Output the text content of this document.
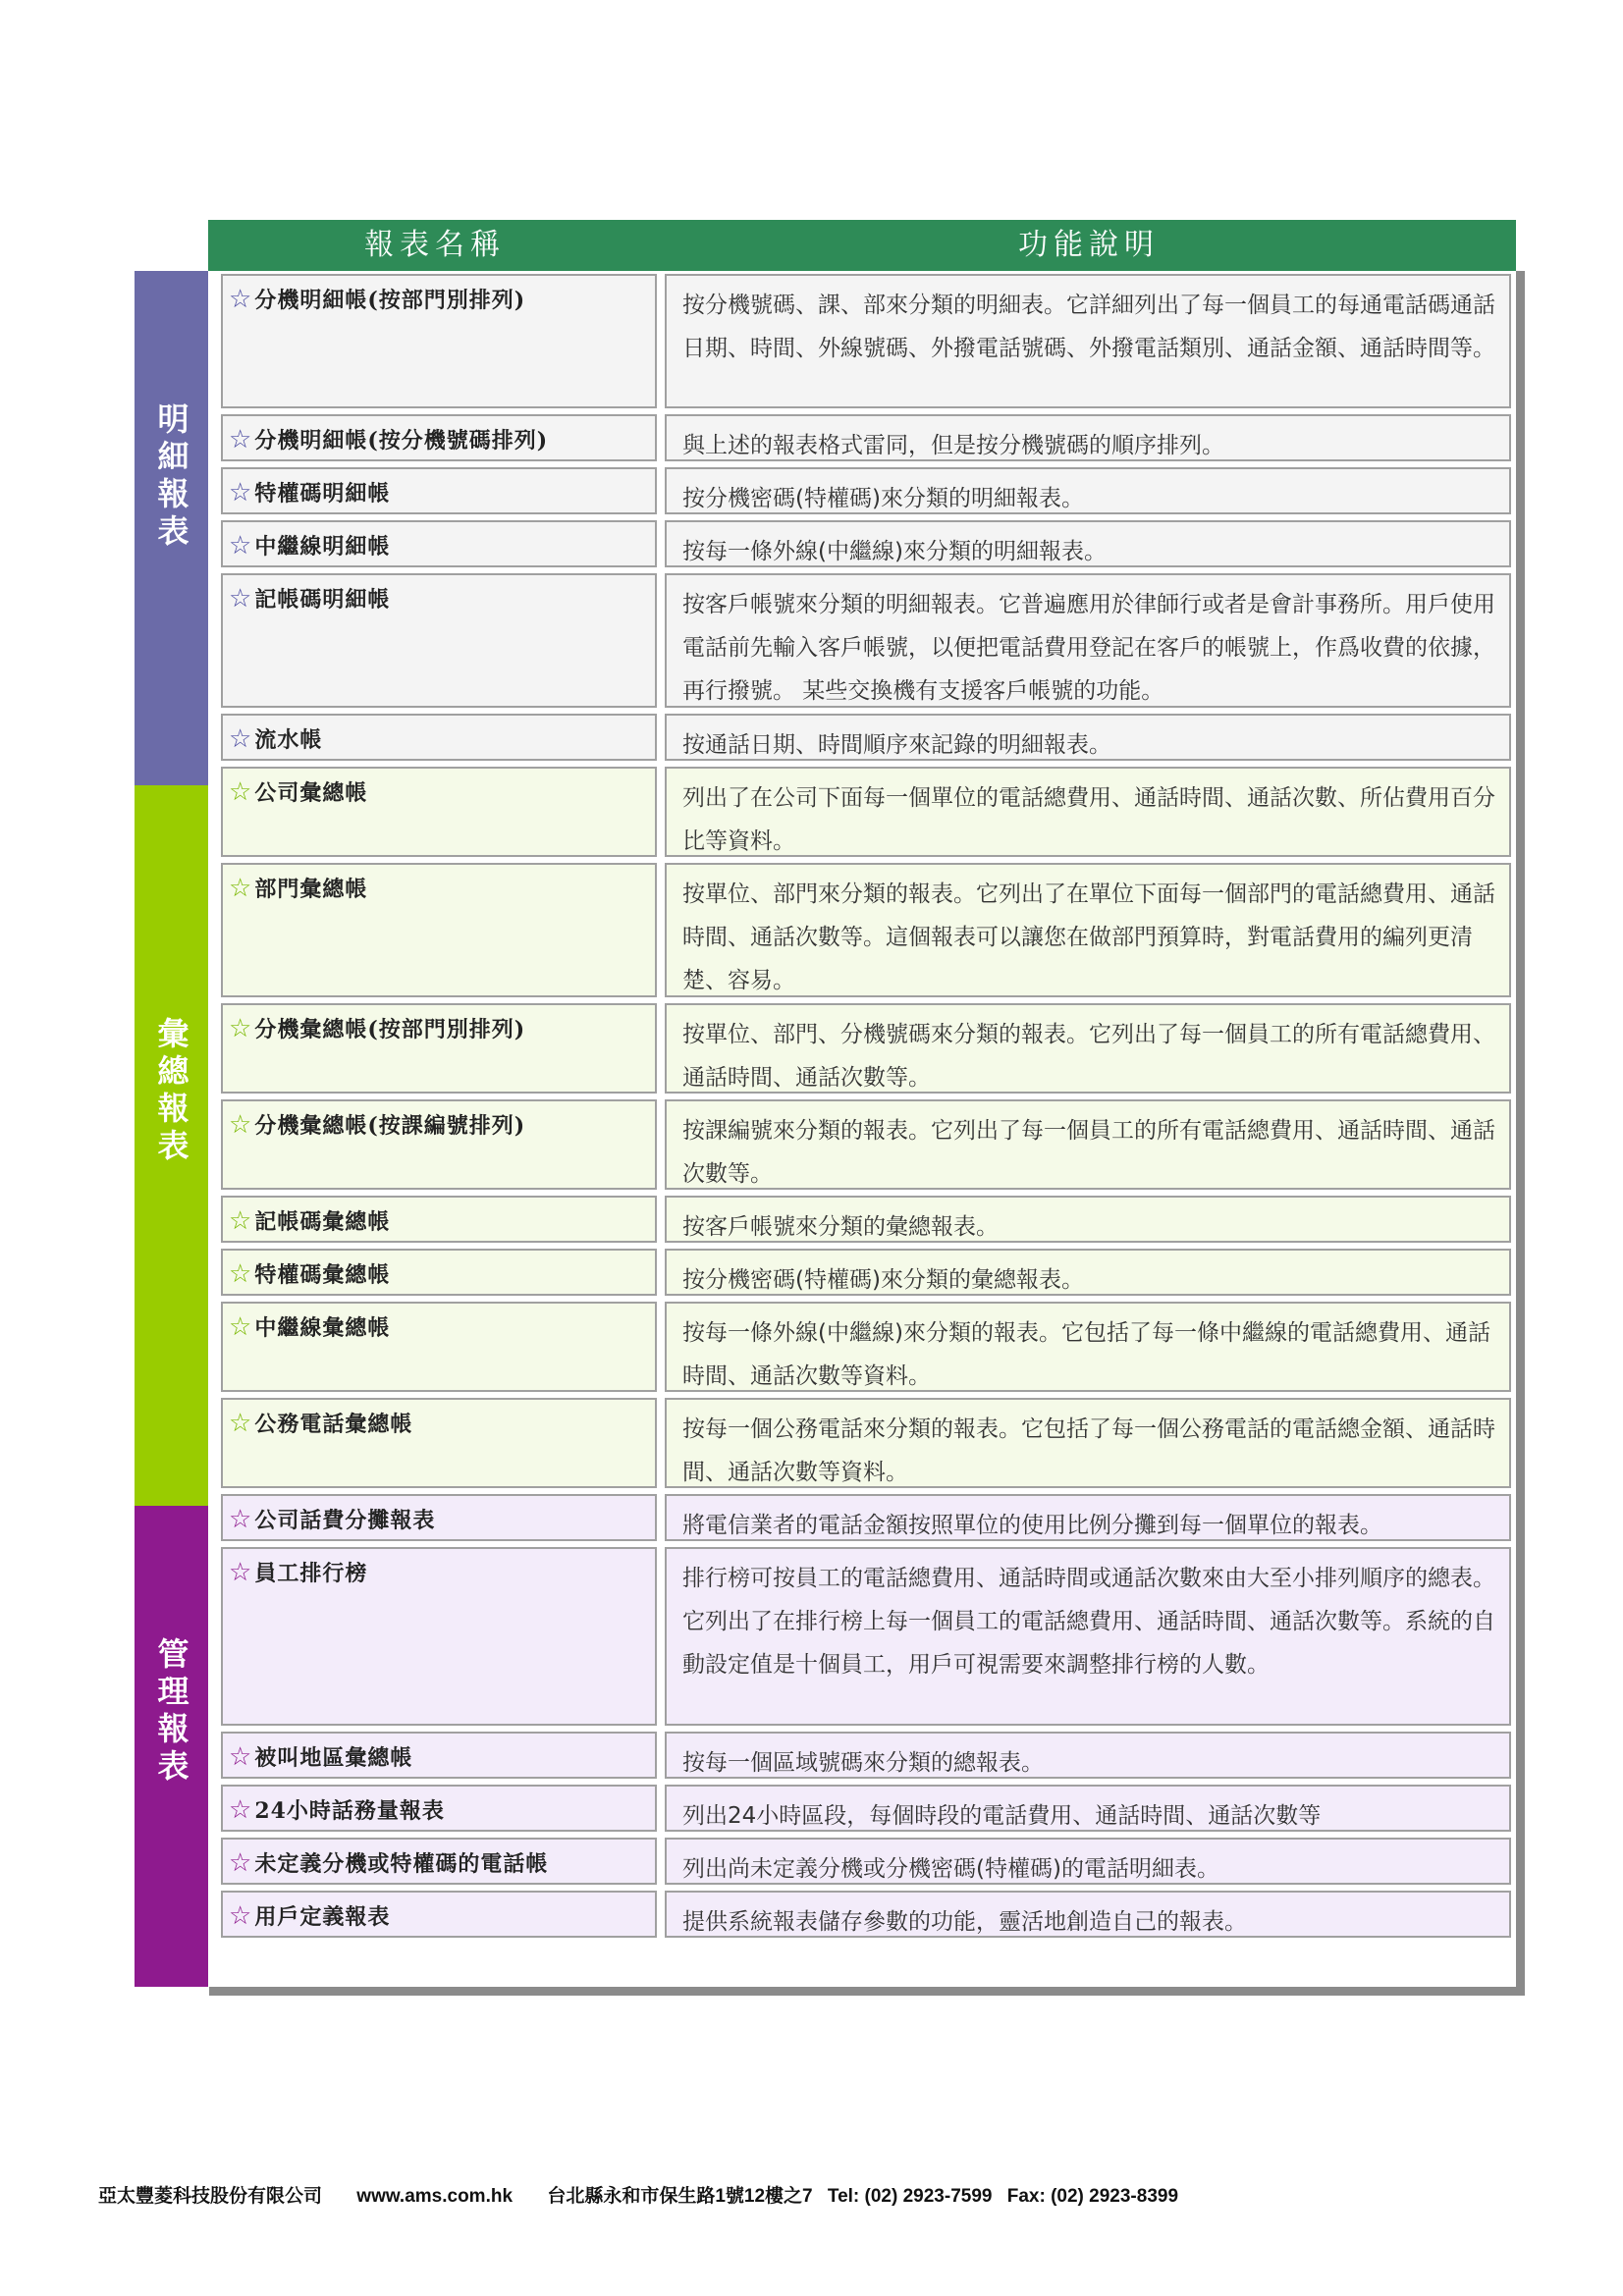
報表名稱	功能說明
明細報表
彙總報表
管理報表
☆分機明細帳(按部門別排列)	按分機號碼、課、部來分類的明細表。它詳細列出了每一個員工的每通電話碼通話日期、時間、外線號碼、外撥電話號碼、外撥電話類別、通話金額、通話時間等。
☆分機明細帳(按分機號碼排列)	與上述的報表格式雷同，但是按分機號碼的順序排列。
☆特權碼明細帳	按分機密碼(特權碼)來分類的明細報表。
☆中繼線明細帳	按每一條外線(中繼線)來分類的明細報表。
☆記帳碼明細帳	按客戶帳號來分類的明細報表。它普遍應用於律師行或者是會計事務所。用戶使用電話前先輸入客戶帳號，以便把電話費用登記在客戶的帳號上，作爲收費的依據，再行撥號。 某些交換機有支援客戶帳號的功能。
☆流水帳	按通話日期、時間順序來記錄的明細報表。
☆公司彙總帳	列出了在公司下面每一個單位的電話總費用、通話時間、通話次數、所佔費用百分比等資料。
☆部門彙總帳	按單位、部門來分類的報表。它列出了在單位下面每一個部門的電話總費用、通話時間、通話次數等。這個報表可以讓您在做部門預算時，對電話費用的編列更清楚、容易。
☆分機彙總帳(按部門別排列)	按單位、部門、分機號碼來分類的報表。它列出了每一個員工的所有電話總費用、通話時間、通話次數等。
☆分機彙總帳(按課編號排列)	按課編號來分類的報表。它列出了每一個員工的所有電話總費用、通話時間、通話次數等。
☆記帳碼彙總帳	按客戶帳號來分類的彙總報表。
☆特權碼彙總帳	按分機密碼(特權碼)來分類的彙總報表。
☆中繼線彙總帳	按每一條外線(中繼線)來分類的報表。它包括了每一條中繼線的電話總費用、通話時間、通話次數等資料。
☆公務電話彙總帳	按每一個公務電話來分類的報表。它包括了每一個公務電話的電話總金額、通話時間、通話次數等資料。
☆公司話費分攤報表	將電信業者的電話金額按照單位的使用比例分攤到每一個單位的報表。
☆員工排行榜	排行榜可按員工的電話總費用、通話時間或通話次數來由大至小排列順序的總表。它列出了在排行榜上每一個員工的電話總費用、通話時間、通話次數等。系統的自動設定值是十個員工，用戶可視需要來調整排行榜的人數。
☆被叫地區彙總帳	按每一個區域號碼來分類的總報表。
☆24小時話務量報表	列出24小時區段，每個時段的電話費用、通話時間、通話次數等
☆未定義分機或特權碼的電話帳	列出尚未定義分機或分機密碼(特權碼)的電話明細表。
☆用戶定義報表	提供系統報表儲存參數的功能，靈活地創造自己的報表。
亞太豐菱科技股份有限公司 www.ams.com.hk 台北縣永和市保生路1號12樓之7 Tel: (02) 2923-7599 Fax: (02) 2923-8399
